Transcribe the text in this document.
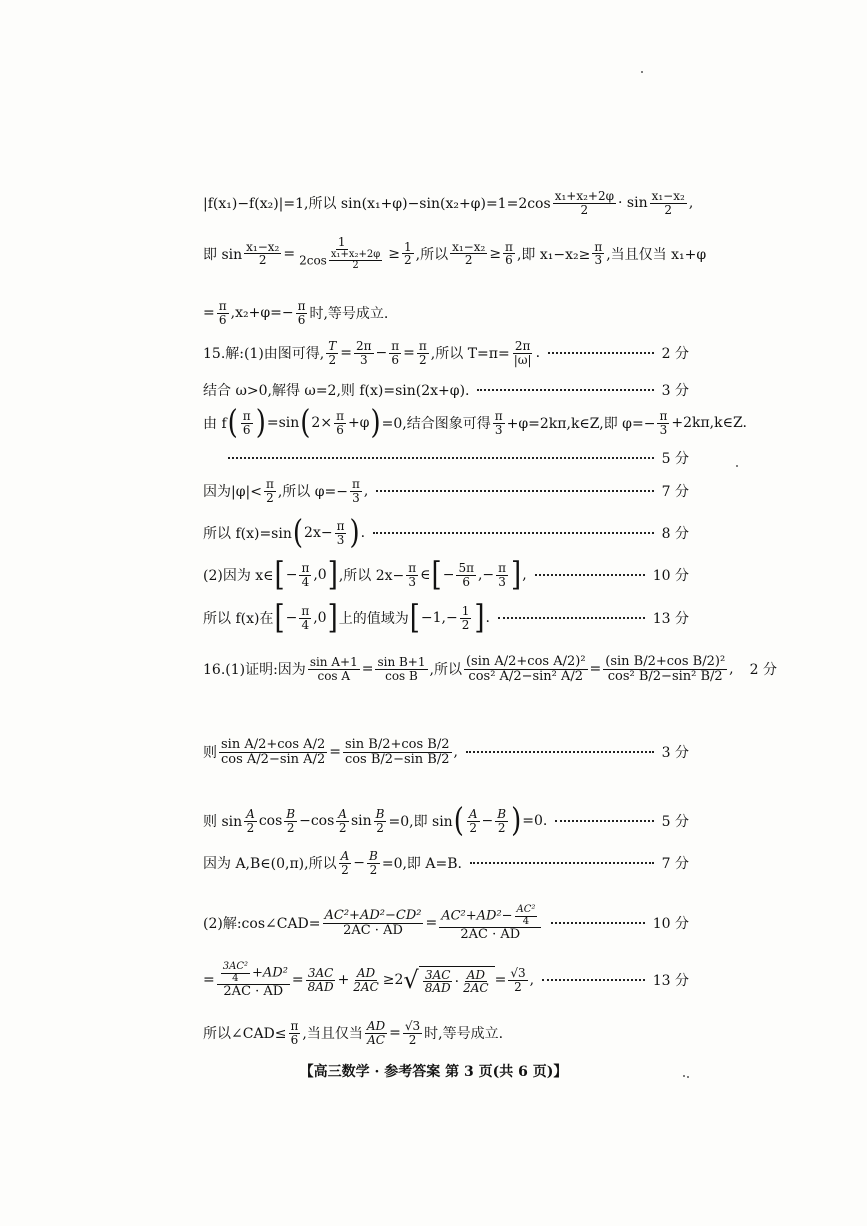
|f(x₁)−f(x₂)|=1,所以 $\sin(x_1+\varphi)-\sin(x_2+\varphi)=1=2\cos \frac{\text{x₁+x₂+2φ}}{2} \cdot \sin \frac{\text{x₁−x₂}}{2}$ ,
即 $\sin \frac{\text{x₁−x₂}}{2} = \frac{1}{2\cos \frac{\text{x₁+x₂+2φ}}{2}} \ge \frac{1}{2}$ ,所以 $\frac{\text{x₁−x₂}}{2} \ge \frac{\pi}{6}$ ,即 $x_1-x_2\ge \frac{\pi}{3}$ ,当且仅当 x₁+φ
= $\frac{\pi}{6} ,x_2+\varphi=- \frac{\pi}{6}$ 时,等号成立.
15.解:(1)由图可得, $\frac{T}{2} = \frac{2\pi}{3} - \frac{\pi}{6} = \frac{\pi}{2}$ ,所以 $T=\pi= \frac{2\pi}{|\omega|}$ .	2 分
结合 ω>0,解得 ω=2,则 f(x)=sin(2x+φ).	3 分
由 f ( $\frac{\pi}{6}$ ) =sin ( $2\times \frac{\pi}{6} +\varphi$ ) =0,结合图象可得 $\frac{\pi}{3}$ +φ=2kπ,k∈Z,即 $\varphi=- \frac{\pi}{3}$ +2kπ,k∈Z.
5 分
因为$|\varphi|< \frac{\pi}{2}$ ,所以 $\varphi=- \frac{\pi}{3}$ ,	7 分
所以 f(x)=sin ( $2x- \frac{\pi}{3}$ ) .	8 分
(2)因为 x∈ [ − $\frac{\pi}{4} ,0$ ] ,所以 $2x- \frac{\pi}{3}$ ∈ [ − $\frac{5\pi}{6}$ ,− $\frac{\pi}{3}$ ] ,	10 分
所以 f(x)在 [ − $\frac{\pi}{4} ,0$ ] 上的值域为 [ $-1,- \frac{1}{2}$ ] .	13 分
16.(1)证明:因为 $\frac{\text{sin A+1}}{\text{cos A}} = \frac{\text{sin B+1}}{\text{cos B}}$ ,所以 $\frac{\text{(sin A/2+cos A/2)²}}{\text{cos² A/2−sin² A/2}} = \frac{\text{(sin B/2+cos B/2)²}}{\text{cos² B/2−sin² B/2}}$ , 2 分
则 $\frac{\text{sin A/2+cos A/2}}{\text{cos A/2−sin A/2}} = \frac{\text{sin B/2+cos B/2}}{\text{cos B/2−sin B/2}}$ ,	3 分
则 $\sin \frac{A}{2}$ $\cos \frac{B}{2} -\cos \frac{A}{2}$ $\sin \frac{B}{2} =0$,即 sin ( $\frac{A}{2} - \frac{B}{2}$ ) =0.	5 分
因为 A,B∈(0,π),所以 $\frac{A}{2} - \frac{B}{2} =0$,即 A=B.	7 分
(2)解:cos∠CAD= $\frac{\text{AC²+AD²−CD²}}{2AC \cdot AD} = \frac{AC^2+AD^2- \frac{\text{AC²}}{4}}{2AC \cdot AD}$	10 分
= $\frac{\frac{\text{3AC²}}{4} +AD^2}{2AC \cdot AD} = \frac{3AC}{8AD} + \frac{AD}{2AC} \ge 2$ √ $\frac{3AC}{8AD} \cdot \frac{AD}{2AC} = \frac{√3}{2}$ ,	13 分
所以∠CAD≤ $\frac{\pi}{6}$ ,当且仅当 $\frac{AD}{AC} = \frac{√3}{2}$ 时,等号成立.
【高三数学 · 参考答案 第 3 页(共 6 页)】
